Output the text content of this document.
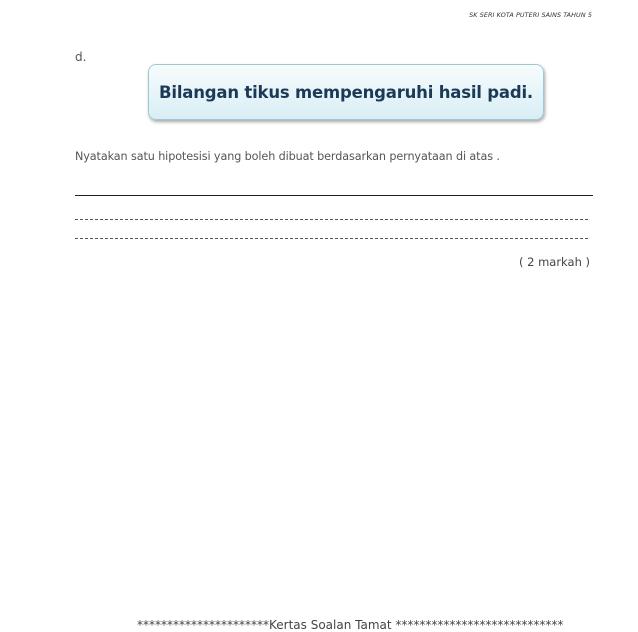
SK SERI KOTA PUTERI SAINS TAHUN 5
d.
Bilangan tikus mempengaruhi hasil padi.
Nyatakan satu hipotesisi yang boleh dibuat berdasarkan pernyataan di atas .
( 2 markah )
**********************Kertas Soalan Tamat ****************************
